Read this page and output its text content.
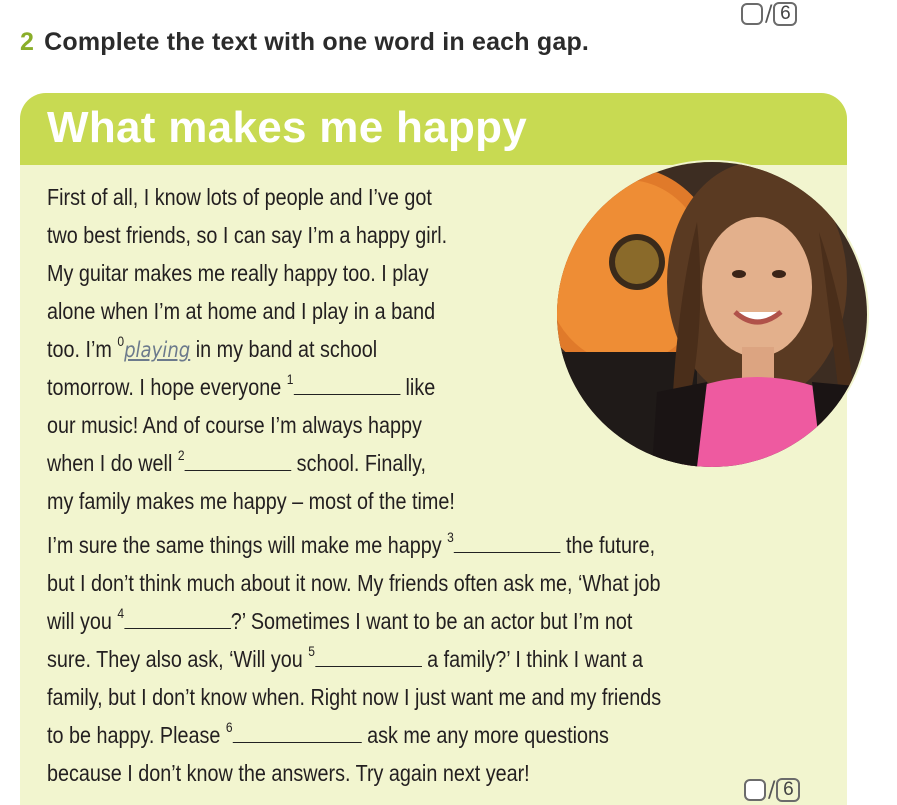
/ 6
2 Complete the text with one word in each gap.
What makes me happy
First of all, I know lots of people and I’ve got
two best friends, so I can say I’m a happy girl.
My guitar makes me really happy too. I play
alone when I’m at home and I play in a band
too. I’m $^0$playing in my band at school
tomorrow. I hope everyone $^1$	like
our music! And of course I’m always happy
when I do well $^2$	school. Finally,
my family makes me happy – most of the time!
I’m sure the same things will make me happy $^3$	the future,
but I don’t think much about it now. My friends often ask me, ‘What job
will you $^4$	?’ Sometimes I want to be an actor but I’m not
sure. They also ask, ‘Will you $^5$	a family?’ I think I want a
family, but I don’t know when. Right now I just want me and my friends
to be happy. Please $^6$	ask me any more questions
because I don’t know the answers. Try again next year!
/ 6
